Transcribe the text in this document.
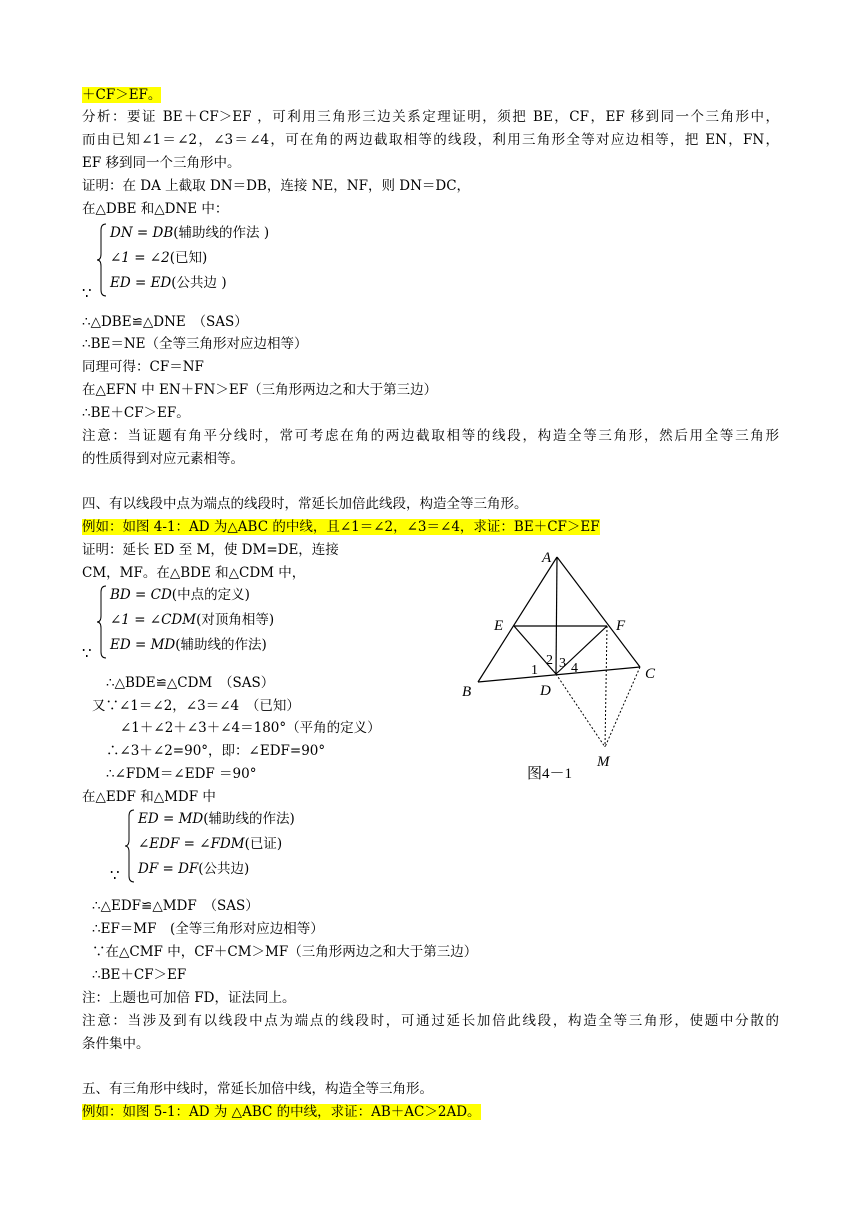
＋CF＞EF。
分析：要证 BE＋CF＞EF ，可利用三角形三边关系定理证明，须把 BE，CF，EF 移到同一个三角形中，
而由已知∠1＝∠2，∠3＝∠4，可在角的两边截取相等的线段，利用三角形全等对应边相等，把 EN，FN，
EF 移到同一个三角形中。
证明：在 DA 上截取 DN＝DB，连接 NE，NF，则 DN＝DC，
在△DBE 和△DNE 中：
DN = DB(辅助线的作法 )
∠1 = ∠2(已知)
ED = ED(公共边 )
∵
∴△DBE≌△DNE　（SAS）
∴BE＝NE（全等三角形对应边相等）
同理可得：CF＝NF
在△EFN 中 EN＋FN＞EF（三角形两边之和大于第三边）
∴BE＋CF＞EF。
注意：当证题有角平分线时，常可考虑在角的两边截取相等的线段，构造全等三角形，然后用全等三角形
的性质得到对应元素相等。
四、有以线段中点为端点的线段时，常延长加倍此线段，构造全等三角形。
例如：如图 4-1：AD 为△ABC 的中线，且∠1＝∠2，∠3＝∠4，求证：BE＋CF＞EF
证明：延长 ED 至 M，使 DM=DE，连接
CM，MF。在△BDE 和△CDM 中，
BD = CD(中点的定义)
∠1 = ∠CDM(对顶角相等)
ED = MD(辅助线的作法)
∵
∴△BDE≌△CDM　（SAS）
又∵∠1＝∠2，∠3＝∠4　（已知）
∠1＋∠2＋∠3＋∠4＝180°（平角的定义）
∴∠3＋∠2=90°，即：∠EDF=90°
∴∠FDM＝∠EDF ＝90°
在△EDF 和△MDF 中
ED = MD(辅助线的作法)
∠EDF = ∠FDM(已证)
DF = DF(公共边)
∵
∴△EDF≌△MDF　（SAS）
∴EF＝MF　(全等三角形对应边相等）
∵在△CMF 中，CF＋CM＞MF（三角形两边之和大于第三边）
∴BE＋CF＞EF
注：上题也可加倍 FD，证法同上。
注意：当涉及到有以线段中点为端点的线段时，可通过延长加倍此线段，构造全等三角形，使题中分散的
条件集中。
五、有三角形中线时，常延长加倍中线，构造全等三角形。
例如：如图 5-1：AD 为 △ABC 的中线，求证：AB＋AC＞2AD。
A
E	F
C
B	D
M
1
2 3 4
图4－1
